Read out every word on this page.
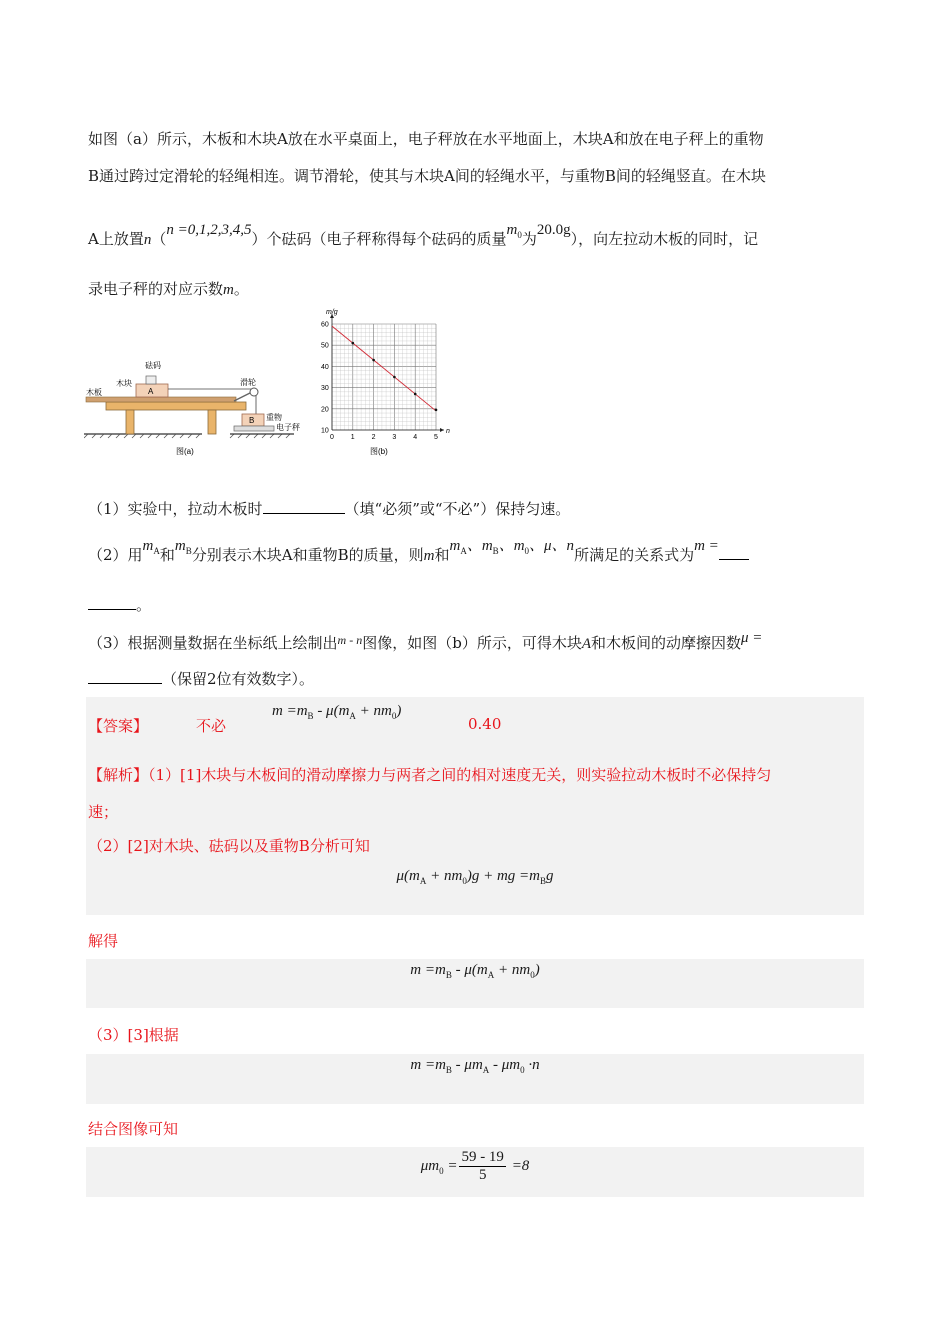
如图（a）所示，木板和木块A放在水平桌面上，电子秤放在水平地面上，木块A和放在电子秤上的重物
B通过跨过定滑轮的轻绳相连。调节滑轮，使其与木块A间的轻绳水平，与重物B间的轻绳竖直。在木块
A上放置n（n =0,1,2,3,4,5）个砝码（电子秤称得每个砝码的质量$m_0$为20.0g），向左拉动木板的同时，记
录电子秤的对应示数m。
砝码
木块
木板
滑轮
重物
电子秤
A
B
图(a)
0 1 2 3 4 5
10
20
30
40
50
60
m/g
n
图(b)
（1）实验中，拉动木板时	（填“必须”或“不必”）保持匀速。
（2）用$m_A$和$m_B$分别表示木块A和重物B的质量，则m和$m_A$、$m_B$、$m_0$、μ、n所满足的关系式为m =
。
（3）根据测量数据在坐标纸上绘制出$^{m - n}$图像，如图（b）所示，可得木块A和木板间的动摩擦因数μ =
（保留2位有效数字）。
【答案】	不必
$m =m_B - \mu(m_A + nm_0)$
0.40
【解析】（1）[1]木块与木板间的滑动摩擦力与两者之间的相对速度无关，则实验拉动木板时不必保持匀
速；
（2）[2]对木块、砝码以及重物B分析可知
$\mu(m_A + nm_0)g$ + mg $=m_Bg$
解得
$m =m_B - \mu(m_A + nm_0)$
（3）[3]根据
$m =m_B - \mu m_A - \mu m_0 \cdot n$
结合图像可知
$\mu m_0 = \frac{59 - 19}{5} =8$
